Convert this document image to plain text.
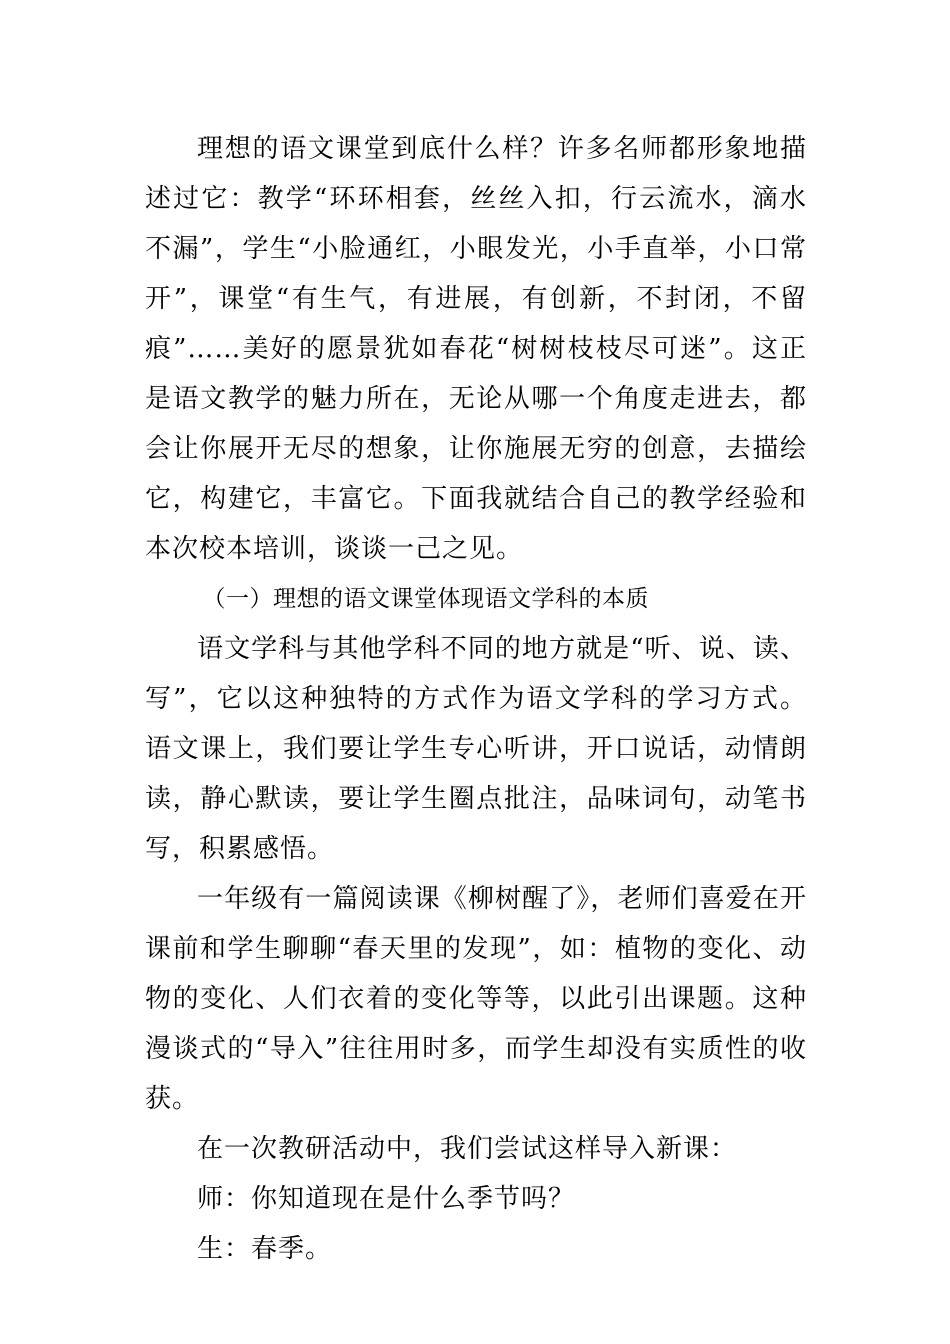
理想的语文课堂到底什么样？许多名师都形象地描述过它：教学“环环相套，丝丝入扣，行云流水，滴水不漏”，学生“小脸通红，小眼发光，小手直举，小口常开”，课堂“有生气，有进展，有创新，不封闭，不留痕”……美好的愿景犹如春花“树树枝枝尽可迷”。这正是语文教学的魅力所在，无论从哪一个角度走进去，都会让你展开无尽的想象，让你施展无穷的创意，去描绘它，构建它，丰富它。下面我就结合自己的教学经验和本次校本培训，谈谈一己之见。

（一）理想的语文课堂体现语文学科的本质

语文学科与其他学科不同的地方就是“听、说、读、写”，它以这种独特的方式作为语文学科的学习方式。语文课上，我们要让学生专心听讲，开口说话，动情朗读，静心默读，要让学生圈点批注，品味词句，动笔书写，积累感悟。

一年级有一篇阅读课《柳树醒了》，老师们喜爱在开课前和学生聊聊“春天里的发现”，如：植物的变化、动物的变化、人们衣着的变化等等，以此引出课题。这种漫谈式的“导入”往往用时多，而学生却没有实质性的收获。

在一次教研活动中，我们尝试这样导入新课：

师：你知道现在是什么季节吗？

生：春季。
